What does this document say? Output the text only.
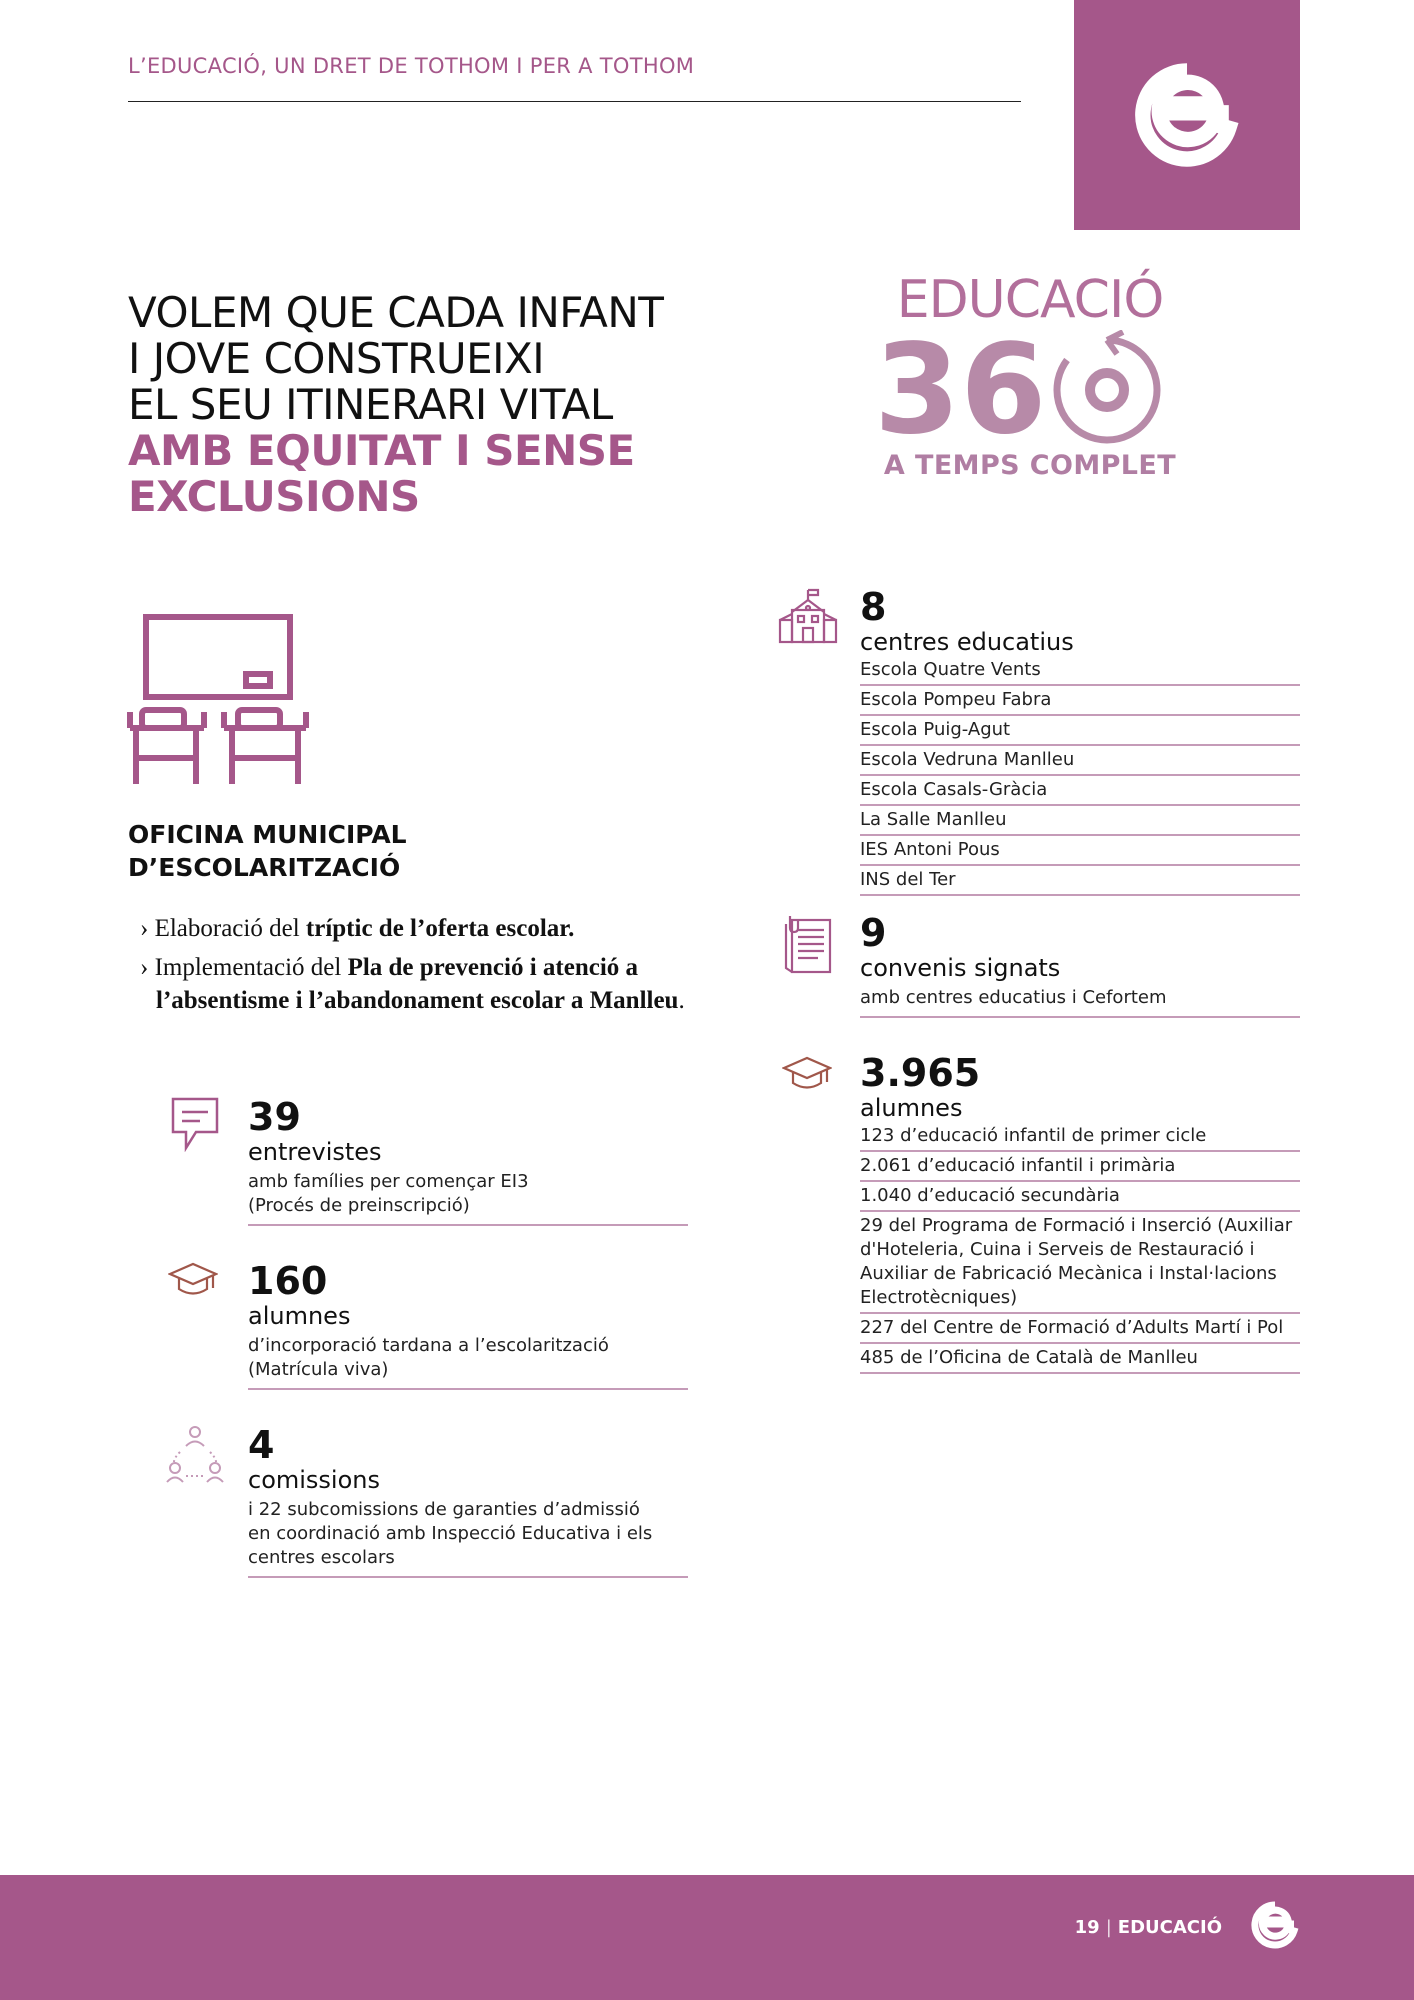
L’EDUCACIÓ, UN DRET DE TOTHOM I PER A TOTHOM
VOLEM QUE CADA INFANT
I JOVE CONSTRUEIXI
EL SEU ITINERARI VITAL
AMB EQUITAT I SENSE
EXCLUSIONS
EDUCACIÓ
36
A TEMPS COMPLET
OFICINA MUNICIPAL
D’ESCOLARITZACIÓ
› Elaboració del tríptic de l’oferta escolar.
› Implementació del Pla de prevenció i atenció a l’absentisme i l’abandonament escolar a Manlleu.
39
entrevistes
amb famílies per començar EI3
(Procés de preinscripció)
160
alumnes
d’incorporació tardana a l’escolarització
(Matrícula viva)
4
comissions
i 22 subcomissions de garanties d’admissió
en coordinació amb Inspecció Educativa i els
centres escolars
8
centres educatius
Escola Quatre Vents
Escola Pompeu Fabra
Escola Puig-Agut
Escola Vedruna Manlleu
Escola Casals-Gràcia
La Salle Manlleu
IES Antoni Pous
INS del Ter
9
convenis signats
amb centres educatius i Cefortem
3.965
alumnes
123 d’educació infantil de primer cicle
2.061 d’educació infantil i primària
1.040 d’educació secundària
29 del Programa de Formació i Inserció (Auxiliar d'Hoteleria, Cuina i Serveis de Restauració i Auxiliar de Fabricació Mecànica i Instal·lacions Electrotècniques)
227 del Centre de Formació d’Adults Martí i Pol
485 de l’Oficina de Català de Manlleu
19 | EDUCACIÓ
